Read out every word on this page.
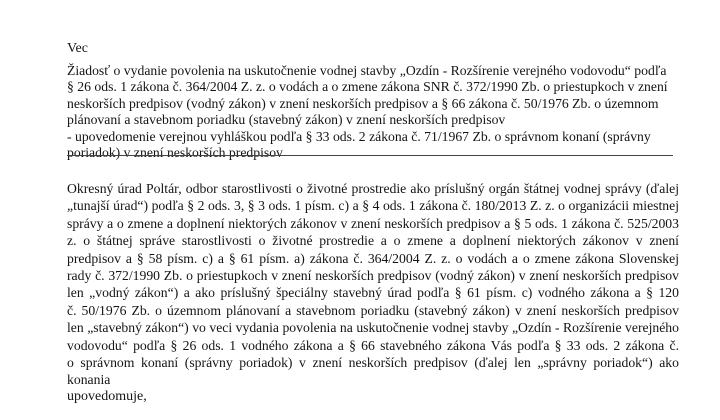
Vec
Žiadosť o vydanie povolenia na uskutočnenie vodnej stavby „Ozdín - Rozšírenie verejného vodovodu“ podľa
§ 26 ods. 1 zákona č. 364/2004 Z. z. o vodách a o zmene zákona SNR č. 372/1990 Zb. o priestupkoch v znení
neskorších predpisov (vodný zákon) v znení neskorších predpisov a § 66 zákona č. 50/1976 Zb. o územnom
plánovaní a stavebnom poriadku (stavebný zákon) v znení neskorších predpisov
- upovedomenie verejnou vyhláškou podľa § 33 ods. 2 zákona č. 71/1967 Zb. o správnom konaní (správny
poriadok) v znení neskorších predpisov
Okresný úrad Poltár, odbor starostlivosti o životné prostredie ako príslušný orgán štátnej vodnej správy (ďalej
„tunajší úrad“) podľa § 2 ods. 3, § 3 ods. 1 písm. c) a § 4 ods. 1 zákona č. 180/2013 Z. z. o organizácii miestnej
správy a o zmene a doplnení niektorých zákonov v znení neskorších predpisov a § 5 ods. 1 zákona č. 525/2003
z. o štátnej správe starostlivosti o životné prostredie a o zmene a doplnení niektorých zákonov v znení
predpisov a § 58 písm. c) a § 61 písm. a) zákona č. 364/2004 Z. z. o vodách a o zmene zákona Slovenskej
rady č. 372/1990 Zb. o priestupkoch v znení neskorších predpisov (vodný zákon) v znení neskorších predpisov
len „vodný zákon“) a ako príslušný špeciálny stavebný úrad podľa § 61 písm. c) vodného zákona a § 120
č. 50/1976 Zb. o územnom plánovaní a stavebnom poriadku (stavebný zákon) v znení neskorších predpisov
len „stavebný zákon“) vo veci vydania povolenia na uskutočnenie vodnej stavby „Ozdín - Rozšírenie verejného
vodovodu“ podľa § 26 ods. 1 vodného zákona a § 66 stavebného zákona Vás podľa § 33 ods. 2 zákona č.
o správnom konaní (správny poriadok) v znení neskorších predpisov (ďalej len „správny poriadok“) ako
konania
upovedomuje,
